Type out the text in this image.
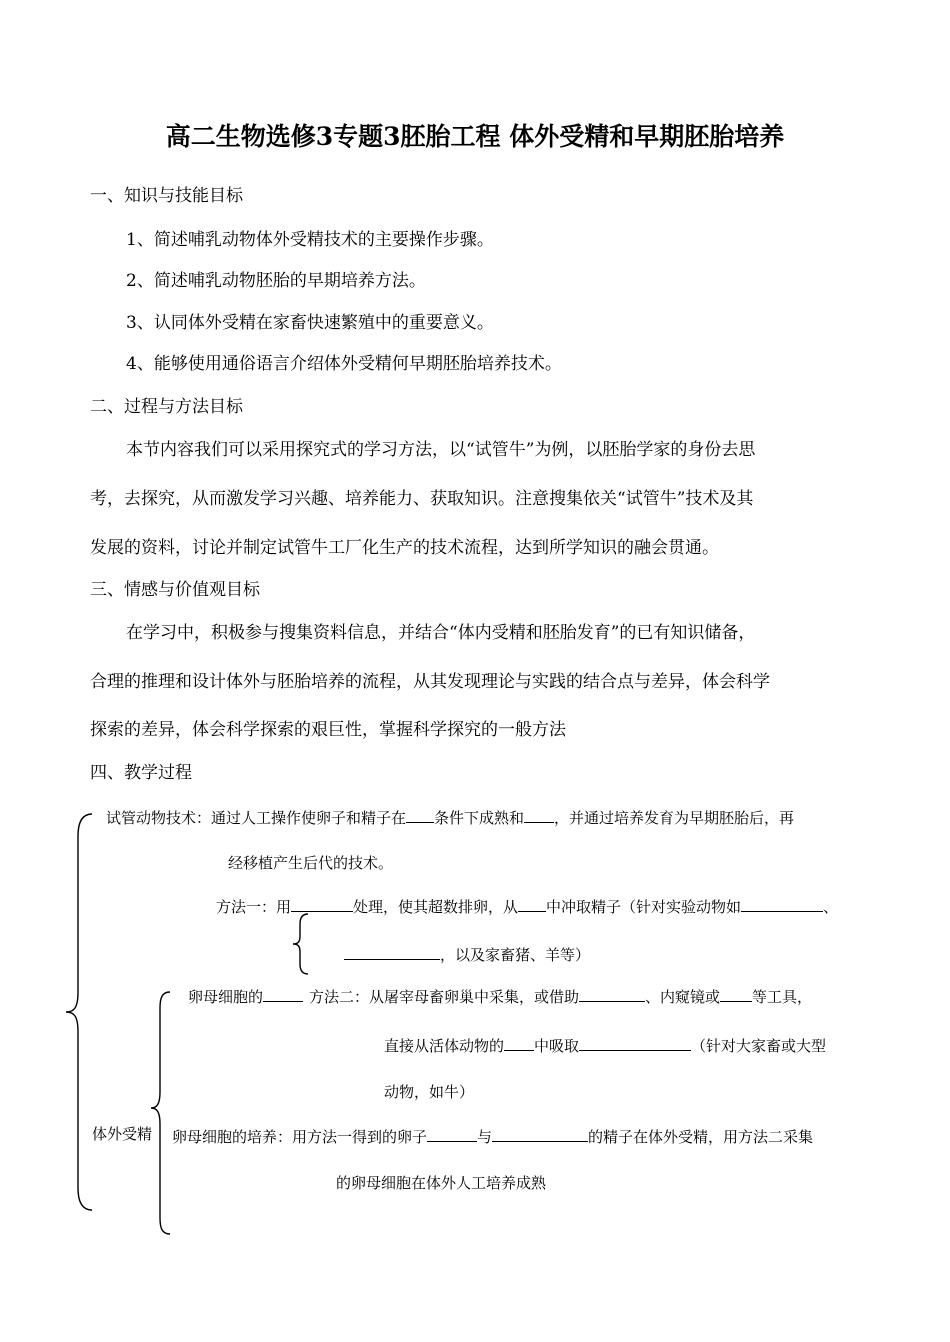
高二生物选修3专题3胚胎工程 体外受精和早期胚胎培养
一、知识与技能目标
1、简述哺乳动物体外受精技术的主要操作步骤。
2、简述哺乳动物胚胎的早期培养方法。
3、认同体外受精在家畜快速繁殖中的重要意义。
4、能够使用通俗语言介绍体外受精何早期胚胎培养技术。
二、过程与方法目标
本节内容我们可以采用探究式的学习方法，以“试管牛”为例，以胚胎学家的身份去思
考，去探究，从而激发学习兴趣、培养能力、获取知识。注意搜集依关“试管牛”技术及其
发展的资料，讨论并制定试管牛工厂化生产的技术流程，达到所学知识的融会贯通。
三、情感与价值观目标
在学习中，积极参与搜集资料信息，并结合“体内受精和胚胎发育”的已有知识储备，
合理的推理和设计体外与胚胎培养的流程，从其发现理论与实践的结合点与差异，体会科学
探索的差异，体会科学探索的艰巨性，掌握科学探究的一般方法
四、教学过程
试管动物技术：通过人工操作使卵子和精子在 条件下成熟和 ，并通过培养发育为早期胚胎后，再
经移植产生后代的技术。
方法一：用	处理，使其超数排卵，从 中冲取精子（针对实验动物如	、
，以及家畜猪、羊等）
卵母细胞的	方法二：从屠宰母畜卵巢中采集，或借助	、内窥镜或 等工具，
直接从活体动物的 中吸取	（针对大家畜或大型
动物，如牛）
体外受精 卵母细胞的培养：用方法一得到的卵子	与	的精子在体外受精，用方法二采集
的卵母细胞在体外人工培养成熟
